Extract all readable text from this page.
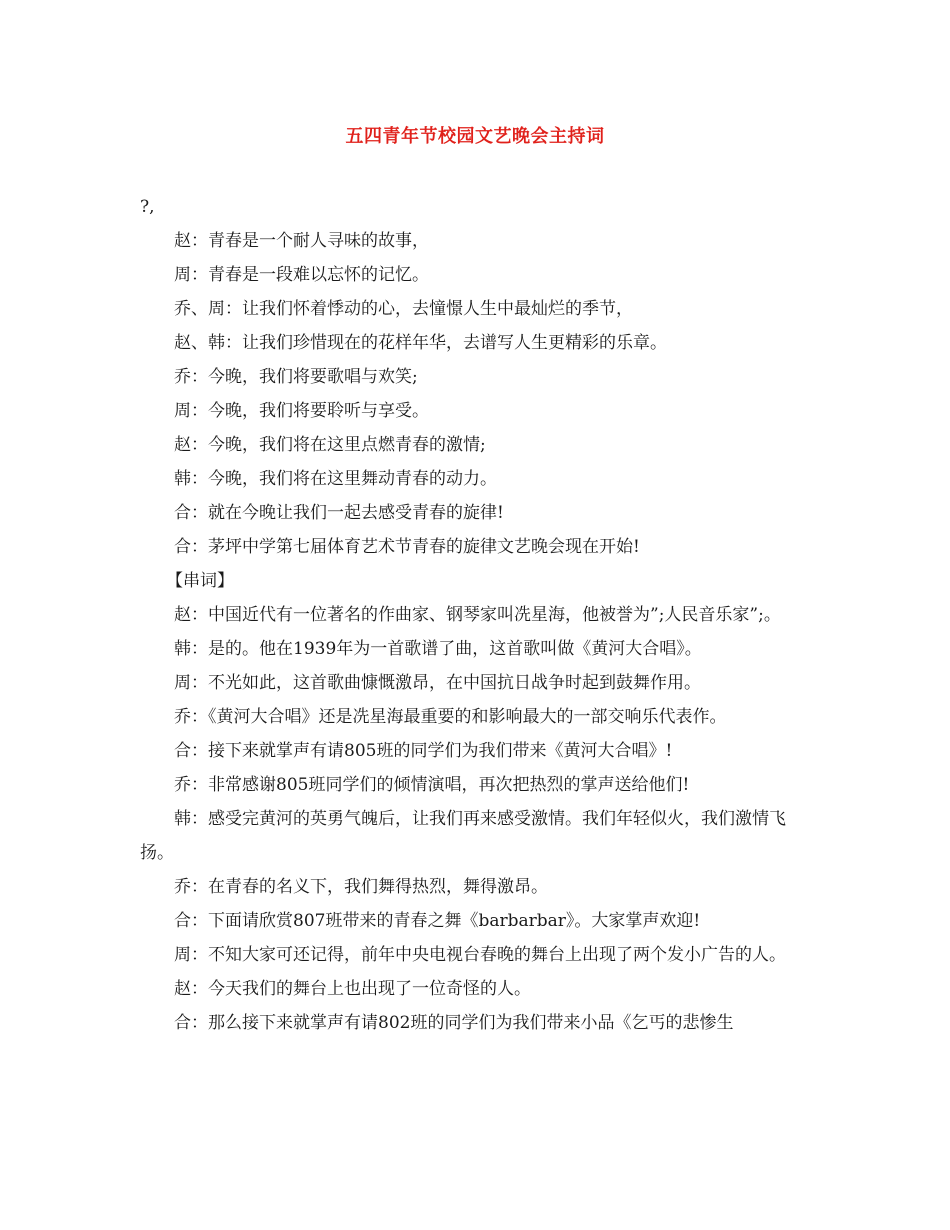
五四青年节校园文艺晚会主持词

?,

赵：青春是一个耐人寻味的故事，

周：青春是一段难以忘怀的记忆。

乔、周：让我们怀着悸动的心，去憧憬人生中最灿烂的季节，

赵、韩：让我们珍惜现在的花样年华，去谱写人生更精彩的乐章。

乔：今晚，我们将要歌唱与欢笑;

周：今晚，我们将要聆听与享受。

赵：今晚，我们将在这里点燃青春的激情;

韩：今晚，我们将在这里舞动青春的动力。

合：就在今晚让我们一起去感受青春的旋律!

合：茅坪中学第七届体育艺术节青春的旋律文艺晚会现在开始!

【串词】

赵：中国近代有一位著名的作曲家、钢琴家叫冼星海，他被誉为”;人民音乐家”;。

韩：是的。他在1939年为一首歌谱了曲，这首歌叫做《黄河大合唱》。

周：不光如此，这首歌曲慷慨激昂，在中国抗日战争时起到鼓舞作用。

乔：《黄河大合唱》还是冼星海最重要的和影响最大的一部交响乐代表作。

合：接下来就掌声有请805班的同学们为我们带来《黄河大合唱》!

乔：非常感谢805班同学们的倾情演唱，再次把热烈的掌声送给他们!

韩：感受完黄河的英勇气魄后，让我们再来感受激情。我们年轻似火，我们激情飞扬。

乔：在青春的名义下，我们舞得热烈，舞得激昂。

合：下面请欣赏807班带来的青春之舞《barbarbar》。大家掌声欢迎!

周：不知大家可还记得，前年中央电视台春晚的舞台上出现了两个发小广告的人。

赵：今天我们的舞台上也出现了一位奇怪的人。

合：那么接下来就掌声有请802班的同学们为我们带来小品《乞丐的悲惨生
